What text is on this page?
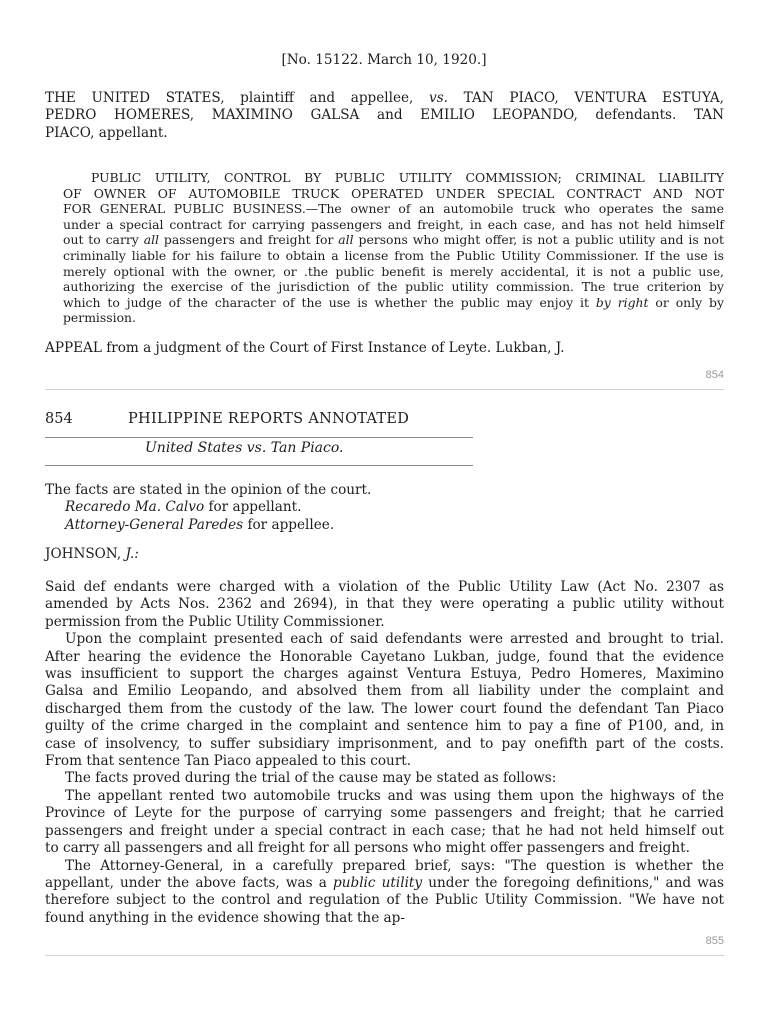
[No. 15122. March 10, 1920.]

THE UNITED STATES, plaintiff and appellee, vs. TAN PIACO, VENTURA ESTUYA,

PEDRO HOMERES, MAXIMINO GALSA and EMILIO LEOPANDO, defendants. TAN

PIACO, appellant.

PUBLIC UTILITY, CONTROL BY PUBLIC UTILITY COMMISSION; CRIMINAL LIABILITY

OF OWNER OF AUTOMOBILE TRUCK OPERATED UNDER SPECIAL CONTRACT AND NOT

FOR GENERAL PUBLIC BUSINESS.—The owner of an automobile truck who operates the same

under a special contract for carrying passengers and freight, in each case, and has not held himself

out to carry all passengers and freight for all persons who might offer, is not a public utility and is not

criminally liable for his failure to obtain a license from the Public Utility Commissioner. If the use is

merely optional with the owner, or .the public benefit is merely accidental, it is not a public use,

authorizing the exercise of the jurisdiction of the public utility commission. The true criterion by

which to judge of the character of the use is whether the public may enjoy it by right or only by

permission.

APPEAL from a judgment of the Court of First Instance of Leyte. Lukban, J.
854
854	PHILIPPINE REPORTS ANNOTATED
United States vs. Tan Piaco.

The facts are stated in the opinion of the court.

Recaredo Ma. Calvo for appellant.

Attorney-General Paredes for appellee.

JOHNSON, J.:

Said def endants were charged with a violation of the Public Utility Law (Act No. 2307 as

amended by Acts Nos. 2362 and 2694), in that they were operating a public utility without

permission from the Public Utility Commissioner.

Upon the complaint presented each of said defendants were arrested and brought to trial.

After hearing the evidence the Honorable Cayetano Lukban, judge, found that the evidence

was insufficient to support the charges against Ventura Estuya, Pedro Homeres, Maximino

Galsa and Emilio Leopando, and absolved them from all liability under the complaint and

discharged them from the custody of the law. The lower court found the defendant Tan Piaco

guilty of the crime charged in the complaint and sentence him to pay a fine of P100, and, in

case of insolvency, to suffer subsidiary imprisonment, and to pay onefifth part of the costs.

From that sentence Tan Piaco appealed to this court.

The facts proved during the trial of the cause may be stated as follows:

The appellant rented two automobile trucks and was using them upon the highways of the

Province of Leyte for the purpose of carrying some passengers and freight; that he carried

passengers and freight under a special contract in each case; that he had not held himself out

to carry all passengers and all freight for all persons who might offer passengers and freight.

The Attorney-General, in a carefully prepared brief, says: "The question is whether the

appellant, under the above facts, was a public utility under the foregoing definitions," and was

therefore subject to the control and regulation of the Public Utility Commission. "We have not

found anything in the evidence showing that the ap-

855
